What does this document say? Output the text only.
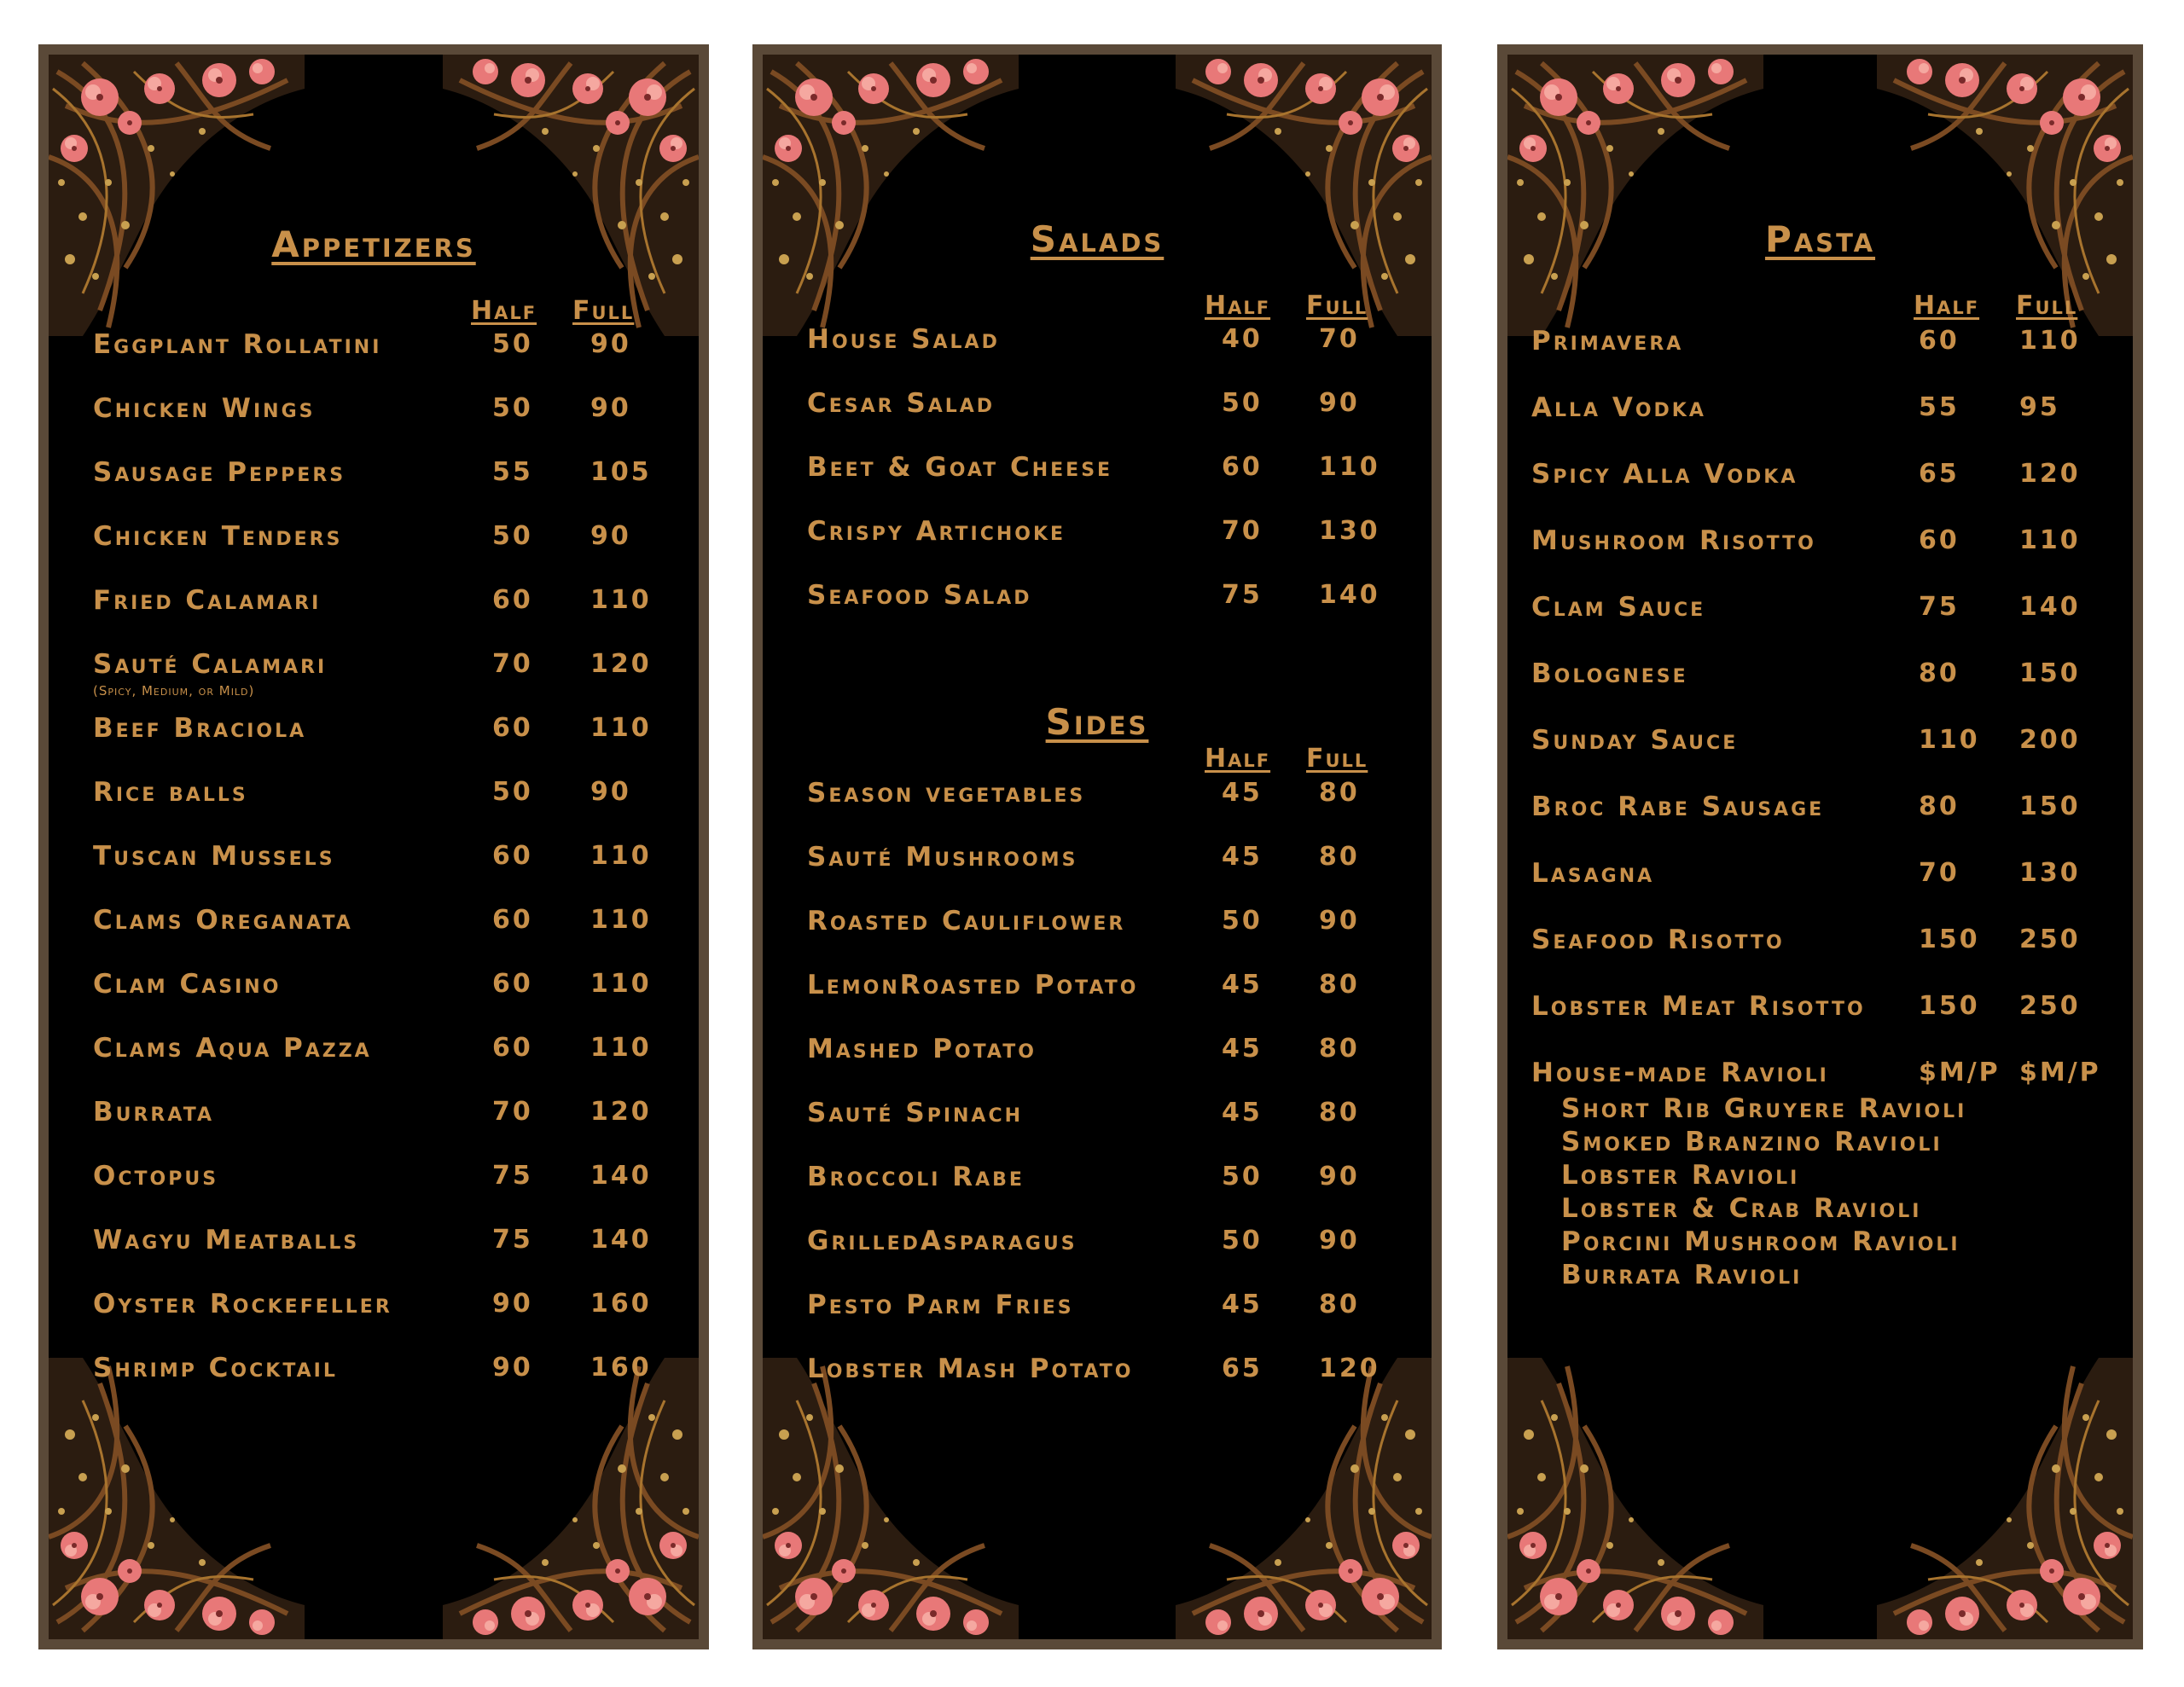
Appetizers
Half Full
Eggplant Rollatini	50 90
Chicken Wings	50 90
Sausage Peppers	55 105
Chicken Tenders	50 90
Fried Calamari	60 110
Sauté Calamari	70 120
(Spicy, Medium, or Mild)
Beef Braciola	60 110
Rice balls	50 90
Tuscan Mussels	60 110
Clams Oreganata	60 110
Clam Casino	60 110
Clams Aqua Pazza	60 110
Burrata	70 120
Octopus	75 140
Wagyu Meatballs	75 140
Oyster Rockefeller	90 160
Shrimp Cocktail	90 160
Salads
Half Full
House Salad	40 70
Cesar Salad	50 90
Beet & Goat Cheese	60 110
Crispy Artichoke	70 130
Seafood Salad	75 140
Sides
Half Full
Season vegetables	45 80
Sauté Mushrooms	45 80
Roasted Cauliflower	50 90
LemonRoasted Potato	45 80
Mashed Potato	45 80
Sauté Spinach	45 80
Broccoli Rabe	50 90
GrilledAsparagus	50 90
Pesto Parm Fries	45 80
Lobster Mash Potato	65 120
Pasta
Half Full
Primavera	60 110
Alla Vodka	55 95
Spicy Alla Vodka	65 120
Mushroom Risotto	60 110
Clam Sauce	75 140
Bolognese	80 150
Sunday Sauce	110 200
Broc Rabe Sausage	80 150
Lasagna	70 130
Seafood Risotto	150 250
Lobster Meat Risotto 150 250
House-made Ravioli	$M/P $M/P
Short Rib Gruyere Ravioli
Smoked Branzino Ravioli
Lobster Ravioli
Lobster & Crab Ravioli
Porcini Mushroom Ravioli
Burrata Ravioli
